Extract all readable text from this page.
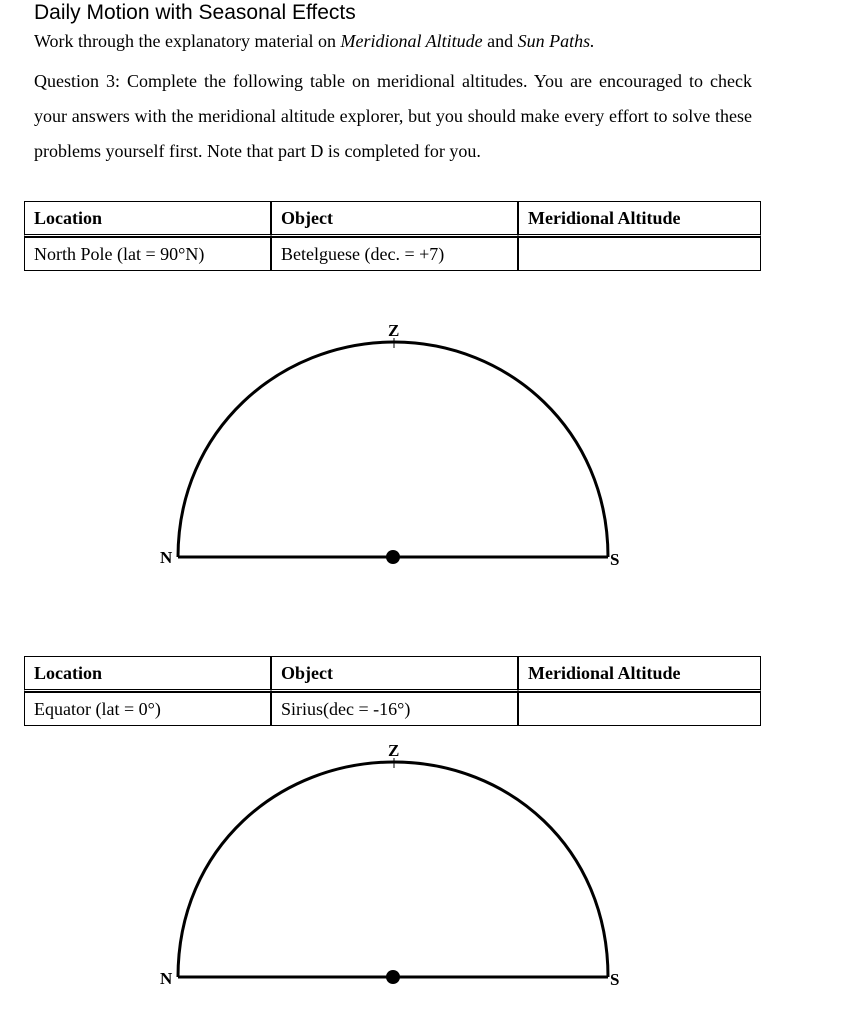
Daily Motion with Seasonal Effects
Work through the explanatory material on Meridional Altitude and Sun Paths.
Question 3: Complete the following table on meridional altitudes. You are encouraged to check your answers with the meridional altitude explorer, but you should make every effort to solve these problems yourself first. Note that part D is completed for you.
Location	Object	Meridional Altitude
North Pole (lat = 90°N)	Betelguese (dec. = +7)	
Z
N	S
Location	Object	Meridional Altitude
Equator (lat = 0°)	Sirius(dec = -16°)	
Z
N	S
